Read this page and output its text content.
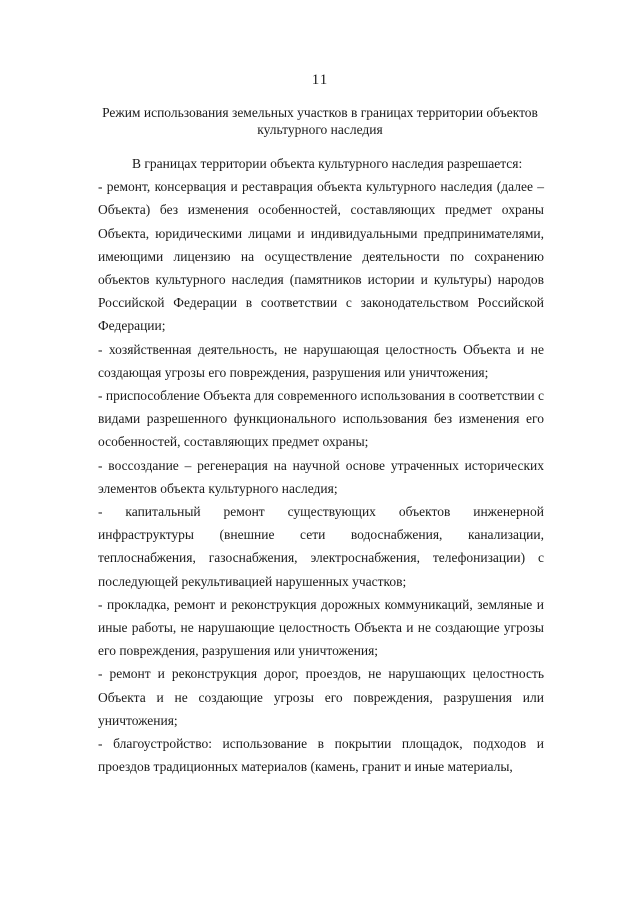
11
Режим использования земельных участков в границах территории объектов культурного наследия

В границах территории объекта культурного наследия разрешается:

- ремонт, консервация и реставрация объекта культурного наследия (далее – Объекта) без изменения особенностей, составляющих предмет охраны Объекта, юридическими лицами и индивидуальными предпринимателями, имеющими лицензию на осуществление деятельности по сохранению объектов культурного наследия (памятников истории и культуры) народов Российской Федерации в соответствии с законодательством Российской Федерации;

- хозяйственная деятельность, не нарушающая целостность Объекта и не создающая угрозы его повреждения, разрушения или уничтожения;

- приспособление Объекта для современного использования в соответствии с видами разрешенного функционального использования без изменения его особенностей, составляющих предмет охраны;

- воссоздание – регенерация на научной основе утраченных исторических элементов объекта культурного наследия;

- капитальный ремонт существующих объектов инженерной инфраструктуры (внешние сети водоснабжения, канализации, теплоснабжения, газоснабжения, электроснабжения, телефонизации) с последующей рекультивацией нарушенных участков;

- прокладка, ремонт и реконструкция дорожных коммуникаций, земляные и иные работы, не нарушающие целостность Объекта и не создающие угрозы его повреждения, разрушения или уничтожения;

- ремонт и реконструкция дорог, проездов, не нарушающих целостность Объекта и не создающие угрозы его повреждения, разрушения или уничтожения;

- благоустройство: использование в покрытии площадок, подходов и проездов традиционных материалов (камень, гранит и иные материалы,
